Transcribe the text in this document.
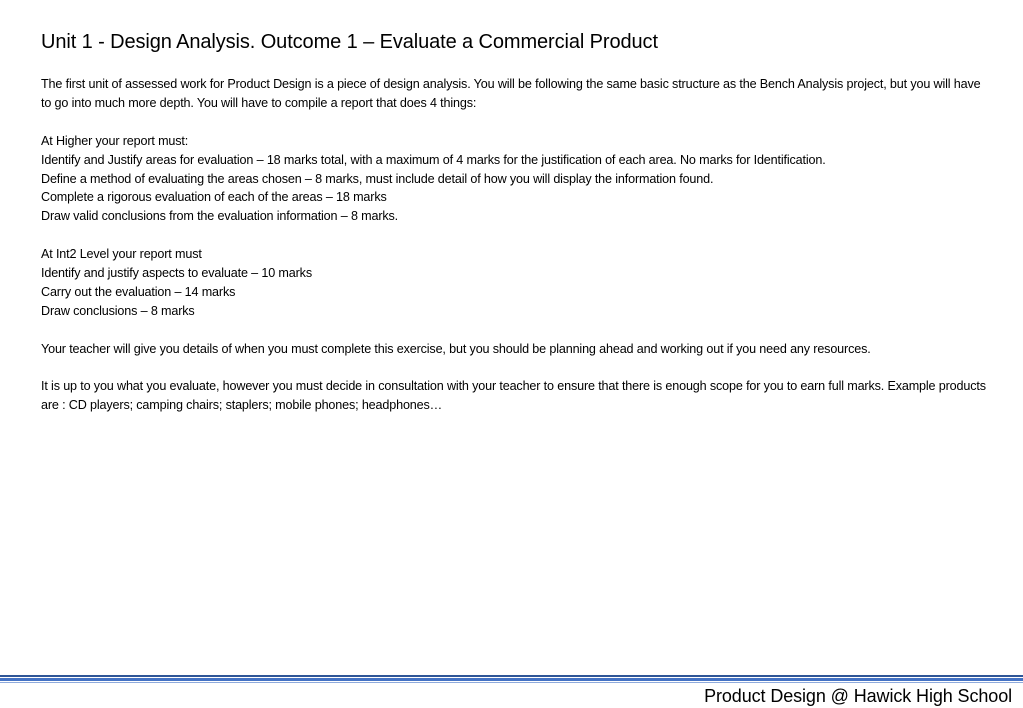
Unit 1 - Design Analysis. Outcome 1 – Evaluate a Commercial Product

The first unit of assessed work for Product Design is a piece of design analysis. You will be following the same basic structure as the Bench Analysis project, but you will have to go into much more depth. You will have to compile a report that does 4 things:

At Higher your report must:
Identify and Justify areas for evaluation – 18 marks total, with a maximum of 4 marks for the justification of each area. No marks for Identification.
Define a method of evaluating the areas chosen – 8 marks, must include detail of how you will display the information found.
Complete a rigorous evaluation of each of the areas – 18 marks
Draw valid conclusions from the evaluation information – 8 marks.
At Int2 Level your report must
Identify and justify aspects to evaluate – 10 marks
Carry out the evaluation – 14 marks
Draw conclusions – 8 marks

Your teacher will give you details of when you must complete this exercise, but you should be planning ahead and working out if you need any resources.

It is up to you what you evaluate, however you must decide in consultation with your teacher to ensure that there is enough scope for you to earn full marks. Example products are : CD players; camping chairs; staplers; mobile phones; headphones…

Product Design @ Hawick High School
